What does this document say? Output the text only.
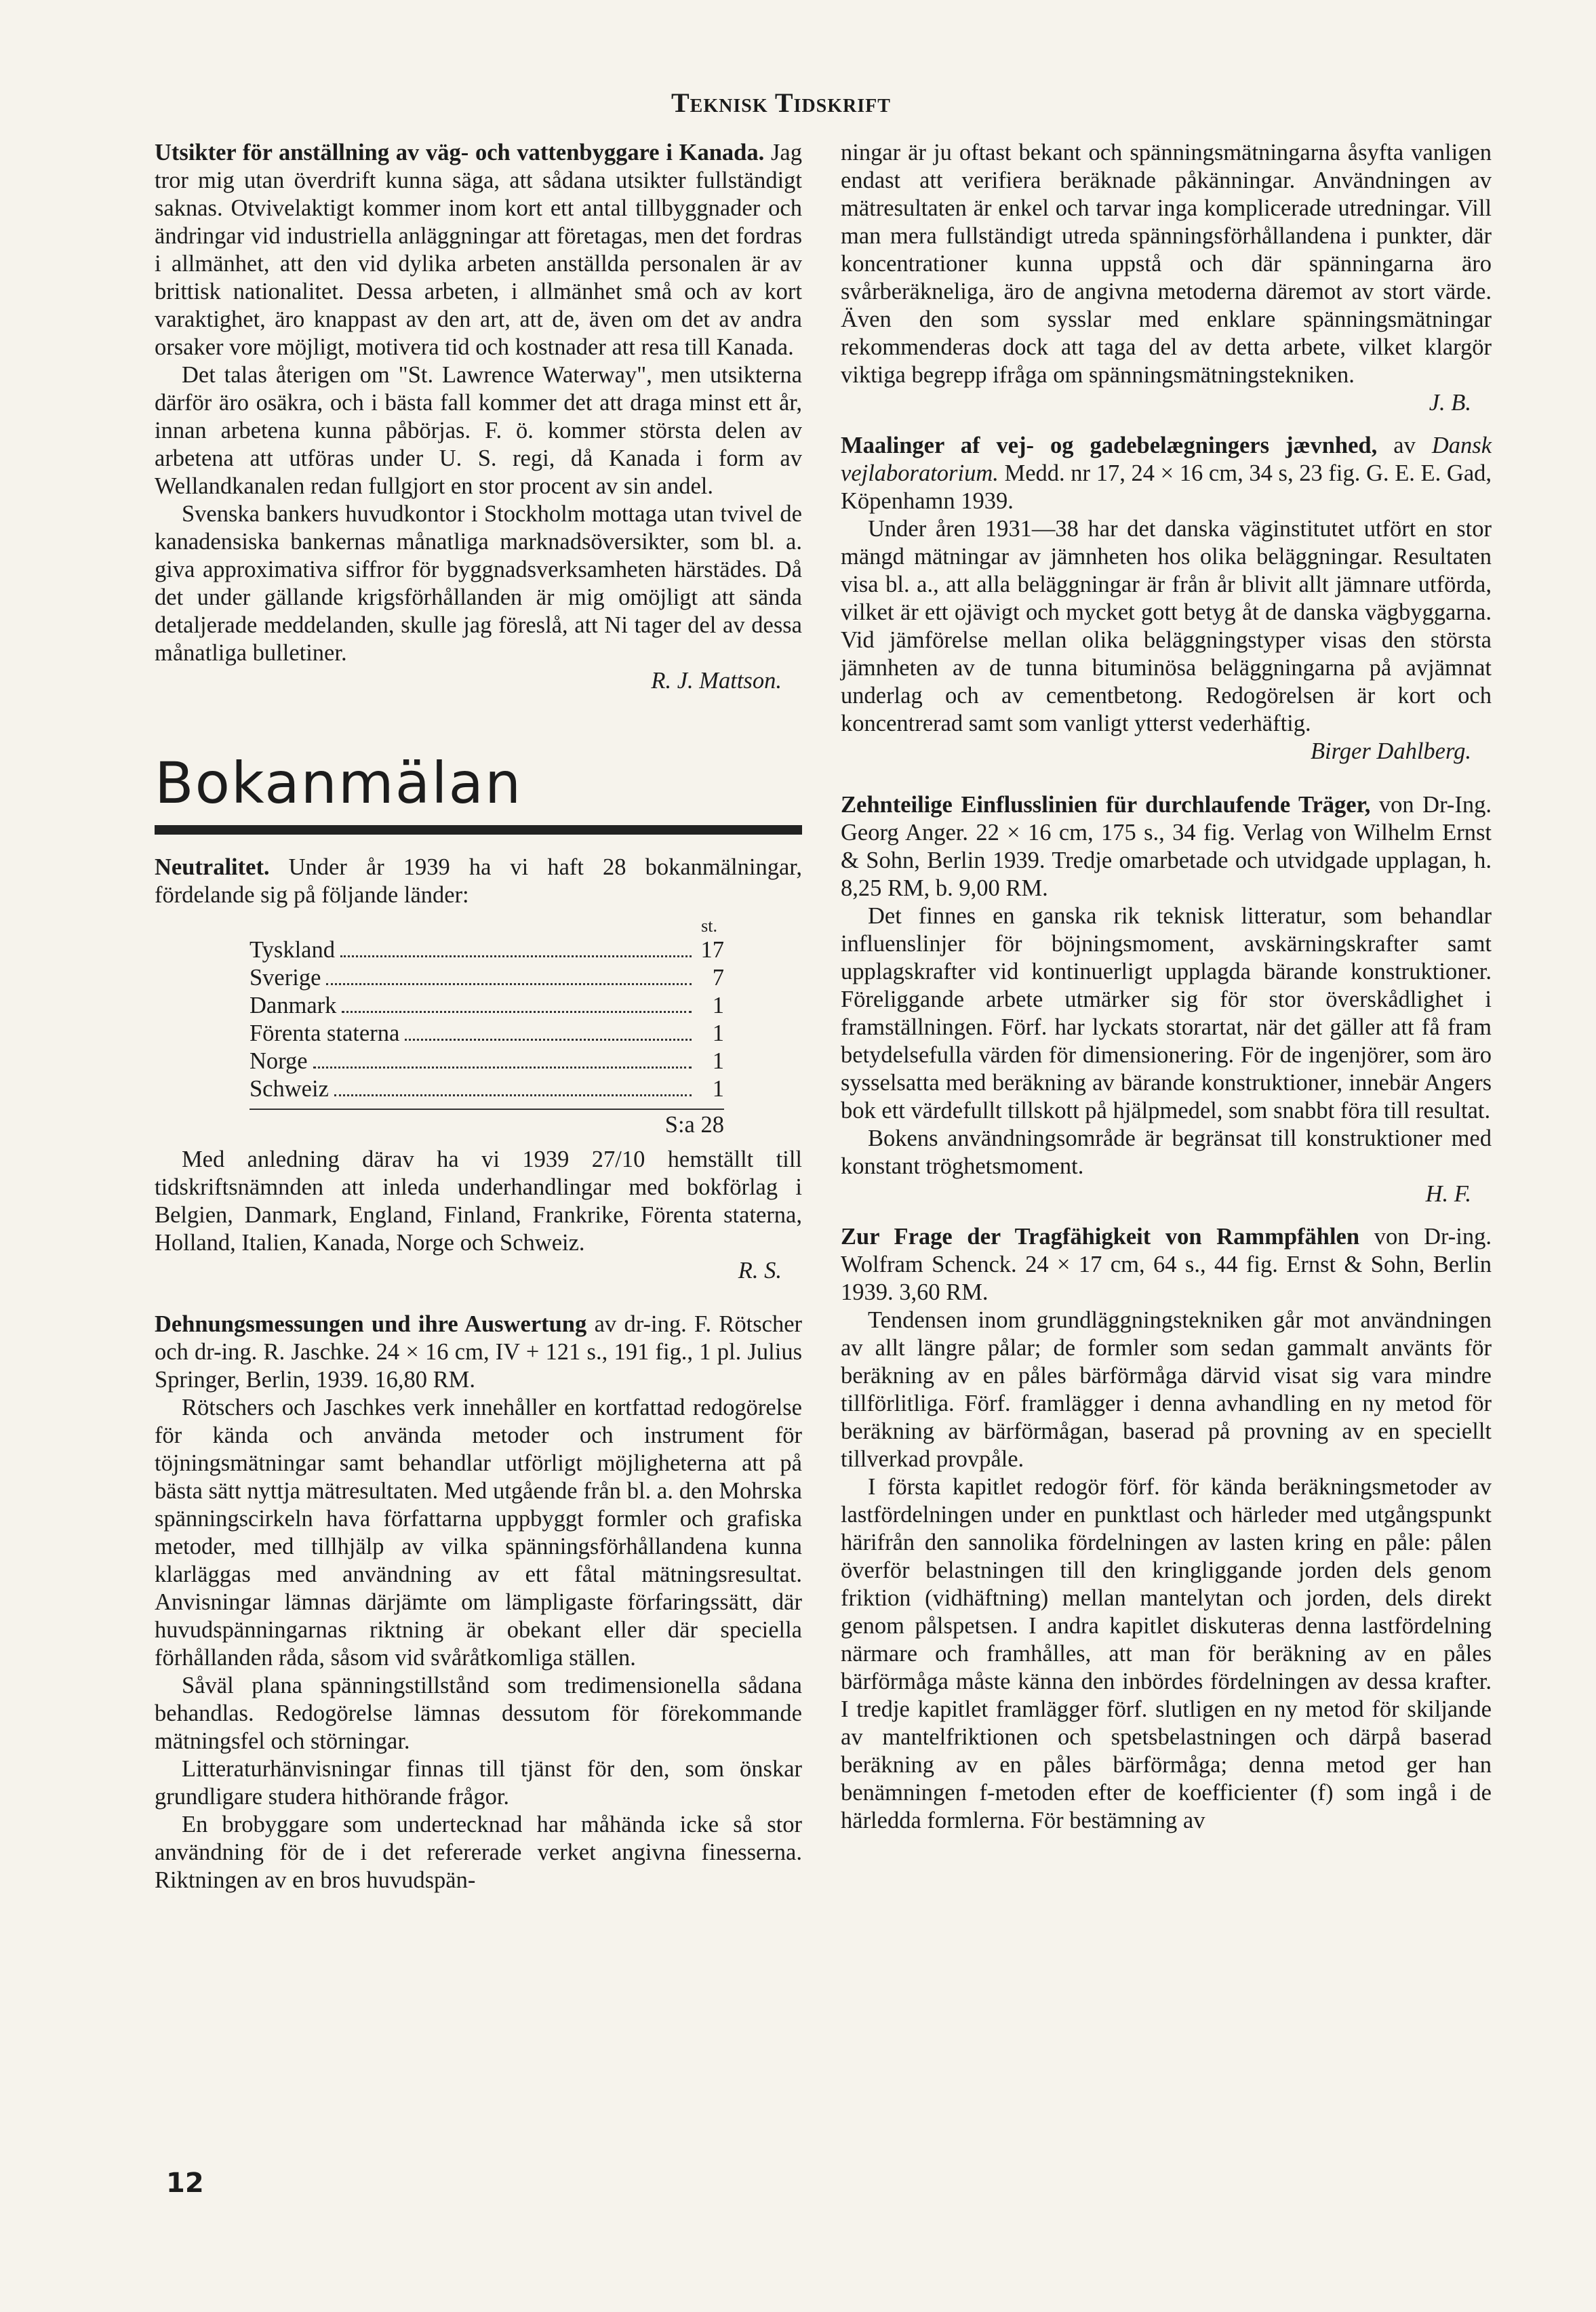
Teknisk Tidskrift

Utsikter för anställning av väg- och vattenbyggare i Kanada. Jag tror mig utan överdrift kunna säga, att sådana utsikter fullständigt saknas. Otvivelaktigt kommer inom kort ett antal tillbyggnader och ändringar vid industriella anläggningar att företagas, men det fordras i allmänhet, att den vid dylika arbeten anställda personalen är av brittisk nationalitet. Dessa arbeten, i allmänhet små och av kort varaktighet, äro knappast av den art, att de, även om det av andra orsaker vore möjligt, motivera tid och kostnader att resa till Kanada.

Det talas återigen om "St. Lawrence Waterway", men utsikterna därför äro osäkra, och i bästa fall kommer det att draga minst ett år, innan arbetena kunna påbörjas. F. ö. kommer största delen av arbetena att utföras under U. S. regi, då Kanada i form av Wellandkanalen redan fullgjort en stor procent av sin andel.

Svenska bankers huvudkontor i Stockholm mottaga utan tvivel de kanadensiska bankernas månatliga marknadsöversikter, som bl. a. giva approximativa siffror för byggnadsverksamheten härstädes. Då det under gällande krigsförhållanden är mig omöjligt att sända detaljerade meddelanden, skulle jag föreslå, att Ni tager del av dessa månatliga bulletiner.

R. J. Mattson.
Bokanmälan

Neutralitet. Under år 1939 ha vi haft 28 bokanmälningar, fördelande sig på följande länder:

st.
Tyskland	17
Sverige	7
Danmark	1
Förenta staterna	1
Norge	1
Schweiz	1
S:a 28

Med anledning därav ha vi 1939 27/10 hemställt till tidskriftsnämnden att inleda underhandlingar med bokförlag i Belgien, Danmark, England, Finland, Frankrike, Förenta staterna, Holland, Italien, Kanada, Norge och Schweiz.

R. S.

Dehnungsmessungen und ihre Auswertung av dr-ing. F. Rötscher och dr-ing. R. Jaschke. 24 × 16 cm, IV + 121 s., 191 fig., 1 pl. Julius Springer, Berlin, 1939. 16,80 RM.

Rötschers och Jaschkes verk innehåller en kortfattad redogörelse för kända och använda metoder och instrument för töjningsmätningar samt behandlar utförligt möjligheterna att på bästa sätt nyttja mätresultaten. Med utgående från bl. a. den Mohrska spänningscirkeln hava författarna uppbyggt formler och grafiska metoder, med tillhjälp av vilka spänningsförhållandena kunna klarläggas med användning av ett fåtal mätningsresultat. Anvisningar lämnas därjämte om lämpligaste förfaringssätt, där huvudspänningarnas riktning är obekant eller där speciella förhållanden råda, såsom vid svåråtkomliga ställen.

Såväl plana spänningstillstånd som tredimensionella sådana behandlas. Redogörelse lämnas dessutom för förekommande mätningsfel och störningar.

Litteraturhänvisningar finnas till tjänst för den, som önskar grundligare studera hithörande frågor.

En brobyggare som undertecknad har måhända icke så stor användning för de i det refererade verket angivna finesserna. Riktningen av en bros huvudspän-

ningar är ju oftast bekant och spänningsmätningarna åsyfta vanligen endast att verifiera beräknade påkänningar. Användningen av mätresultaten är enkel och tarvar inga komplicerade utredningar. Vill man mera fullständigt utreda spänningsförhållandena i punkter, där koncentrationer kunna uppstå och där spänningarna äro svårberäkneliga, äro de angivna metoderna däremot av stort värde. Även den som sysslar med enklare spänningsmätningar rekommenderas dock att taga del av detta arbete, vilket klargör viktiga begrepp ifråga om spänningsmätningstekniken.

J. B.

Maalinger af vej- og gadebelægningers jævnhed, av Dansk vejlaboratorium. Medd. nr 17, 24 × 16 cm, 34 s, 23 fig. G. E. E. Gad, Köpenhamn 1939.

Under åren 1931—38 har det danska väginstitutet utfört en stor mängd mätningar av jämnheten hos olika beläggningar. Resultaten visa bl. a., att alla beläggningar är från år blivit allt jämnare utförda, vilket är ett ojävigt och mycket gott betyg åt de danska vägbyggarna. Vid jämförelse mellan olika beläggningstyper visas den största jämnheten av de tunna bituminösa beläggningarna på avjämnat underlag och av cementbetong. Redogörelsen är kort och koncentrerad samt som vanligt ytterst vederhäftig.

Birger Dahlberg.

Zehnteilige Einflusslinien für durchlaufende Träger, von Dr-Ing. Georg Anger. 22 × 16 cm, 175 s., 34 fig. Verlag von Wilhelm Ernst & Sohn, Berlin 1939. Tredje omarbetade och utvidgade upplagan, h. 8,25 RM, b. 9,00 RM.

Det finnes en ganska rik teknisk litteratur, som behandlar influenslinjer för böjningsmoment, avskärningskrafter samt upplagskrafter vid kontinuerligt upplagda bärande konstruktioner. Föreliggande arbete utmärker sig för stor överskådlighet i framställningen. Förf. har lyckats storartat, när det gäller att få fram betydelsefulla värden för dimensionering. För de ingenjörer, som äro sysselsatta med beräkning av bärande konstruktioner, innebär Angers bok ett värdefullt tillskott på hjälpmedel, som snabbt föra till resultat.

Bokens användningsområde är begränsat till konstruktioner med konstant tröghetsmoment.

H. F.

Zur Frage der Tragfähigkeit von Rammpfählen von Dr-ing. Wolfram Schenck. 24 × 17 cm, 64 s., 44 fig. Ernst & Sohn, Berlin 1939. 3,60 RM.

Tendensen inom grundläggningstekniken går mot användningen av allt längre pålar; de formler som sedan gammalt använts för beräkning av en påles bärförmåga därvid visat sig vara mindre tillförlitliga. Förf. framlägger i denna avhandling en ny metod för beräkning av bärförmågan, baserad på provning av en speciellt tillverkad provpåle.

I första kapitlet redogör förf. för kända beräkningsmetoder av lastfördelningen under en punktlast och härleder med utgångspunkt härifrån den sannolika fördelningen av lasten kring en påle: pålen överför belastningen till den kringliggande jorden dels genom friktion (vidhäftning) mellan mantelytan och jorden, dels direkt genom pålspetsen. I andra kapitlet diskuteras denna lastfördelning närmare och framhålles, att man för beräkning av en påles bärförmåga måste känna den inbördes fördelningen av dessa krafter. I tredje kapitlet framlägger förf. slutligen en ny metod för skiljande av mantelfriktionen och spetsbelastningen och därpå baserad beräkning av en påles bärförmåga; denna metod ger han benämningen f-metoden efter de koefficienter (f) som ingå i de härledda formlerna. För bestämning av

12
